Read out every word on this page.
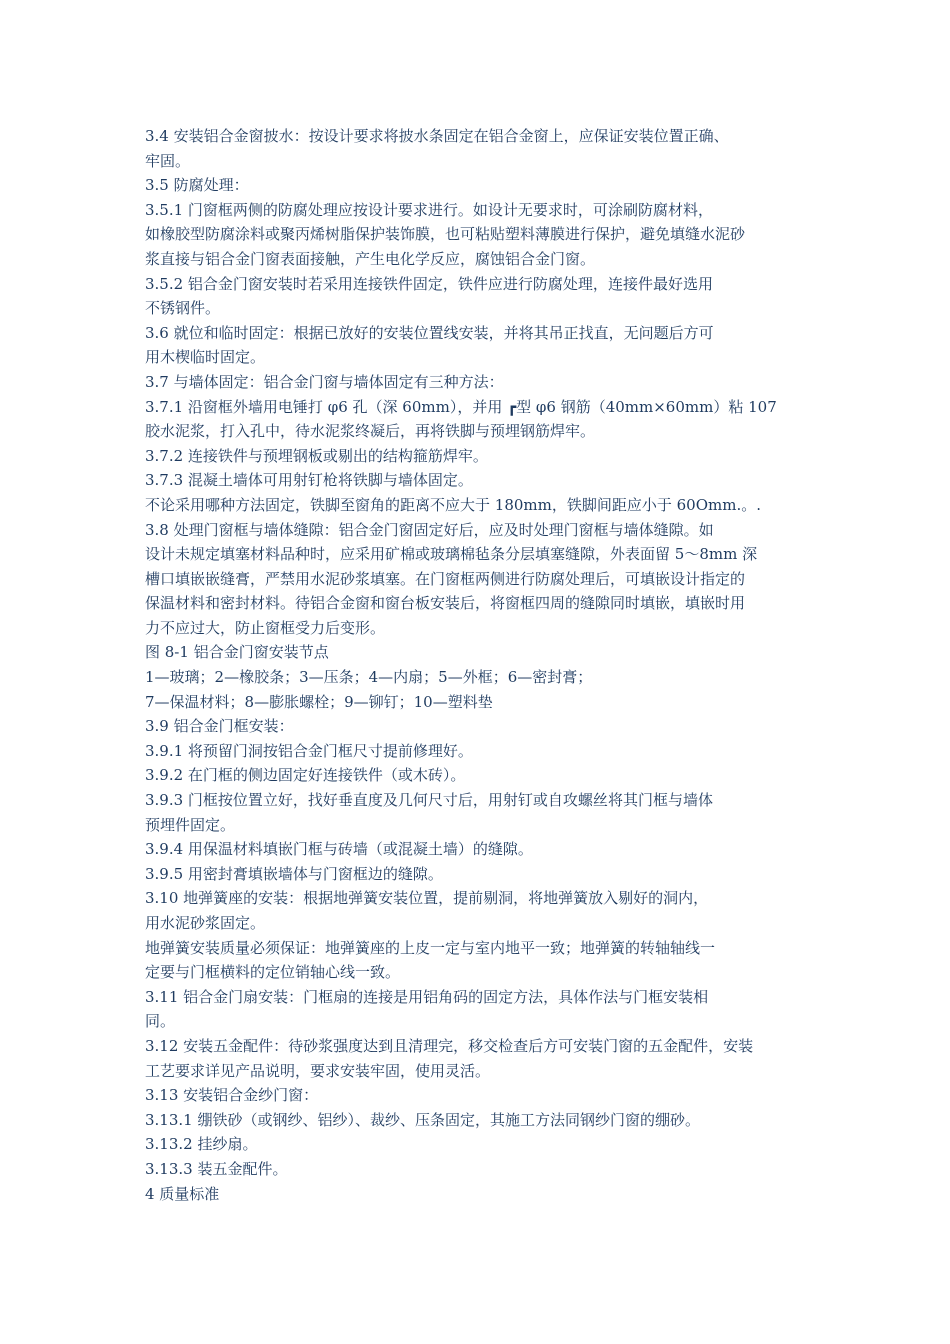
3.4 安装铝合金窗披水：按设计要求将披水条固定在铝合金窗上，应保证安装位置正确、
牢固。
3.5 防腐处理：
3.5.1 门窗框两侧的防腐处理应按设计要求进行。如设计无要求时，可涂刷防腐材料，
如橡胶型防腐涂料或聚丙烯树脂保护装饰膜，也可粘贴塑料薄膜进行保护，避免填缝水泥砂
浆直接与铝合金门窗表面接触，产生电化学反应，腐蚀铝合金门窗。
3.5.2 铝合金门窗安装时若采用连接铁件固定，铁件应进行防腐处理，连接件最好选用
不锈钢件。
3.6 就位和临时固定：根据已放好的安装位置线安装，并将其吊正找直，无问题后方可
用木楔临时固定。
3.7 与墙体固定：铝合金门窗与墙体固定有三种方法：
3.7.1 沿窗框外墙用电锤打 φ6 孔（深 60mm），并用 ┏型 φ6 钢筋（40mm×60mm）粘 107
胶水泥浆，打入孔中，待水泥浆终凝后，再将铁脚与预埋钢筋焊牢。
3.7.2 连接铁件与预埋钢板或剔出的结构箍筋焊牢。
3.7.3 混凝土墙体可用射钉枪将铁脚与墙体固定。
不论采用哪种方法固定，铁脚至窗角的距离不应大于 180mm，铁脚间距应小于 60Omm.。.
3.8 处理门窗框与墙体缝隙：铝合金门窗固定好后，应及时处理门窗框与墙体缝隙。如
设计未规定填塞材料品种时，应采用矿棉或玻璃棉毡条分层填塞缝隙，外表面留 5～8mm 深
槽口填嵌嵌缝膏，严禁用水泥砂浆填塞。在门窗框两侧进行防腐处理后，可填嵌设计指定的
保温材料和密封材料。待铝合金窗和窗台板安装后，将窗框四周的缝隙同时填嵌，填嵌时用
力不应过大，防止窗框受力后变形。
图 8-1 铝合金门窗安装节点
1—玻璃；2—橡胶条；3—压条；4—内扇；5—外框；6—密封膏；
7—保温材料；8—膨胀螺栓；9—铆钉；10—塑料垫
3.9 铝合金门框安装：
3.9.1 将预留门洞按铝合金门框尺寸提前修理好。
3.9.2 在门框的侧边固定好连接铁件（或木砖）。
3.9.3 门框按位置立好，找好垂直度及几何尺寸后，用射钉或自攻螺丝将其门框与墙体
预埋件固定。
3.9.4 用保温材料填嵌门框与砖墙（或混凝土墙）的缝隙。
3.9.5 用密封膏填嵌墙体与门窗框边的缝隙。
3.10 地弹簧座的安装：根据地弹簧安装位置，提前剔洞，将地弹簧放入剔好的洞内，
用水泥砂浆固定。
地弹簧安装质量必须保证：地弹簧座的上皮一定与室内地平一致；地弹簧的转轴轴线一
定要与门框横料的定位销轴心线一致。
3.11 铝合金门扇安装：门框扇的连接是用铝角码的固定方法，具体作法与门框安装相
同。
3.12 安装五金配件：待砂浆强度达到且清理完，移交检查后方可安装门窗的五金配件，安装
工艺要求详见产品说明，要求安装牢固，使用灵活。
3.13 安装铝合金纱门窗：
3.13.1 绷铁砂（或钢纱、铝纱）、裁纱、压条固定，其施工方法同钢纱门窗的绷砂。
3.13.2 挂纱扇。
3.13.3 装五金配件。
4 质量标准
